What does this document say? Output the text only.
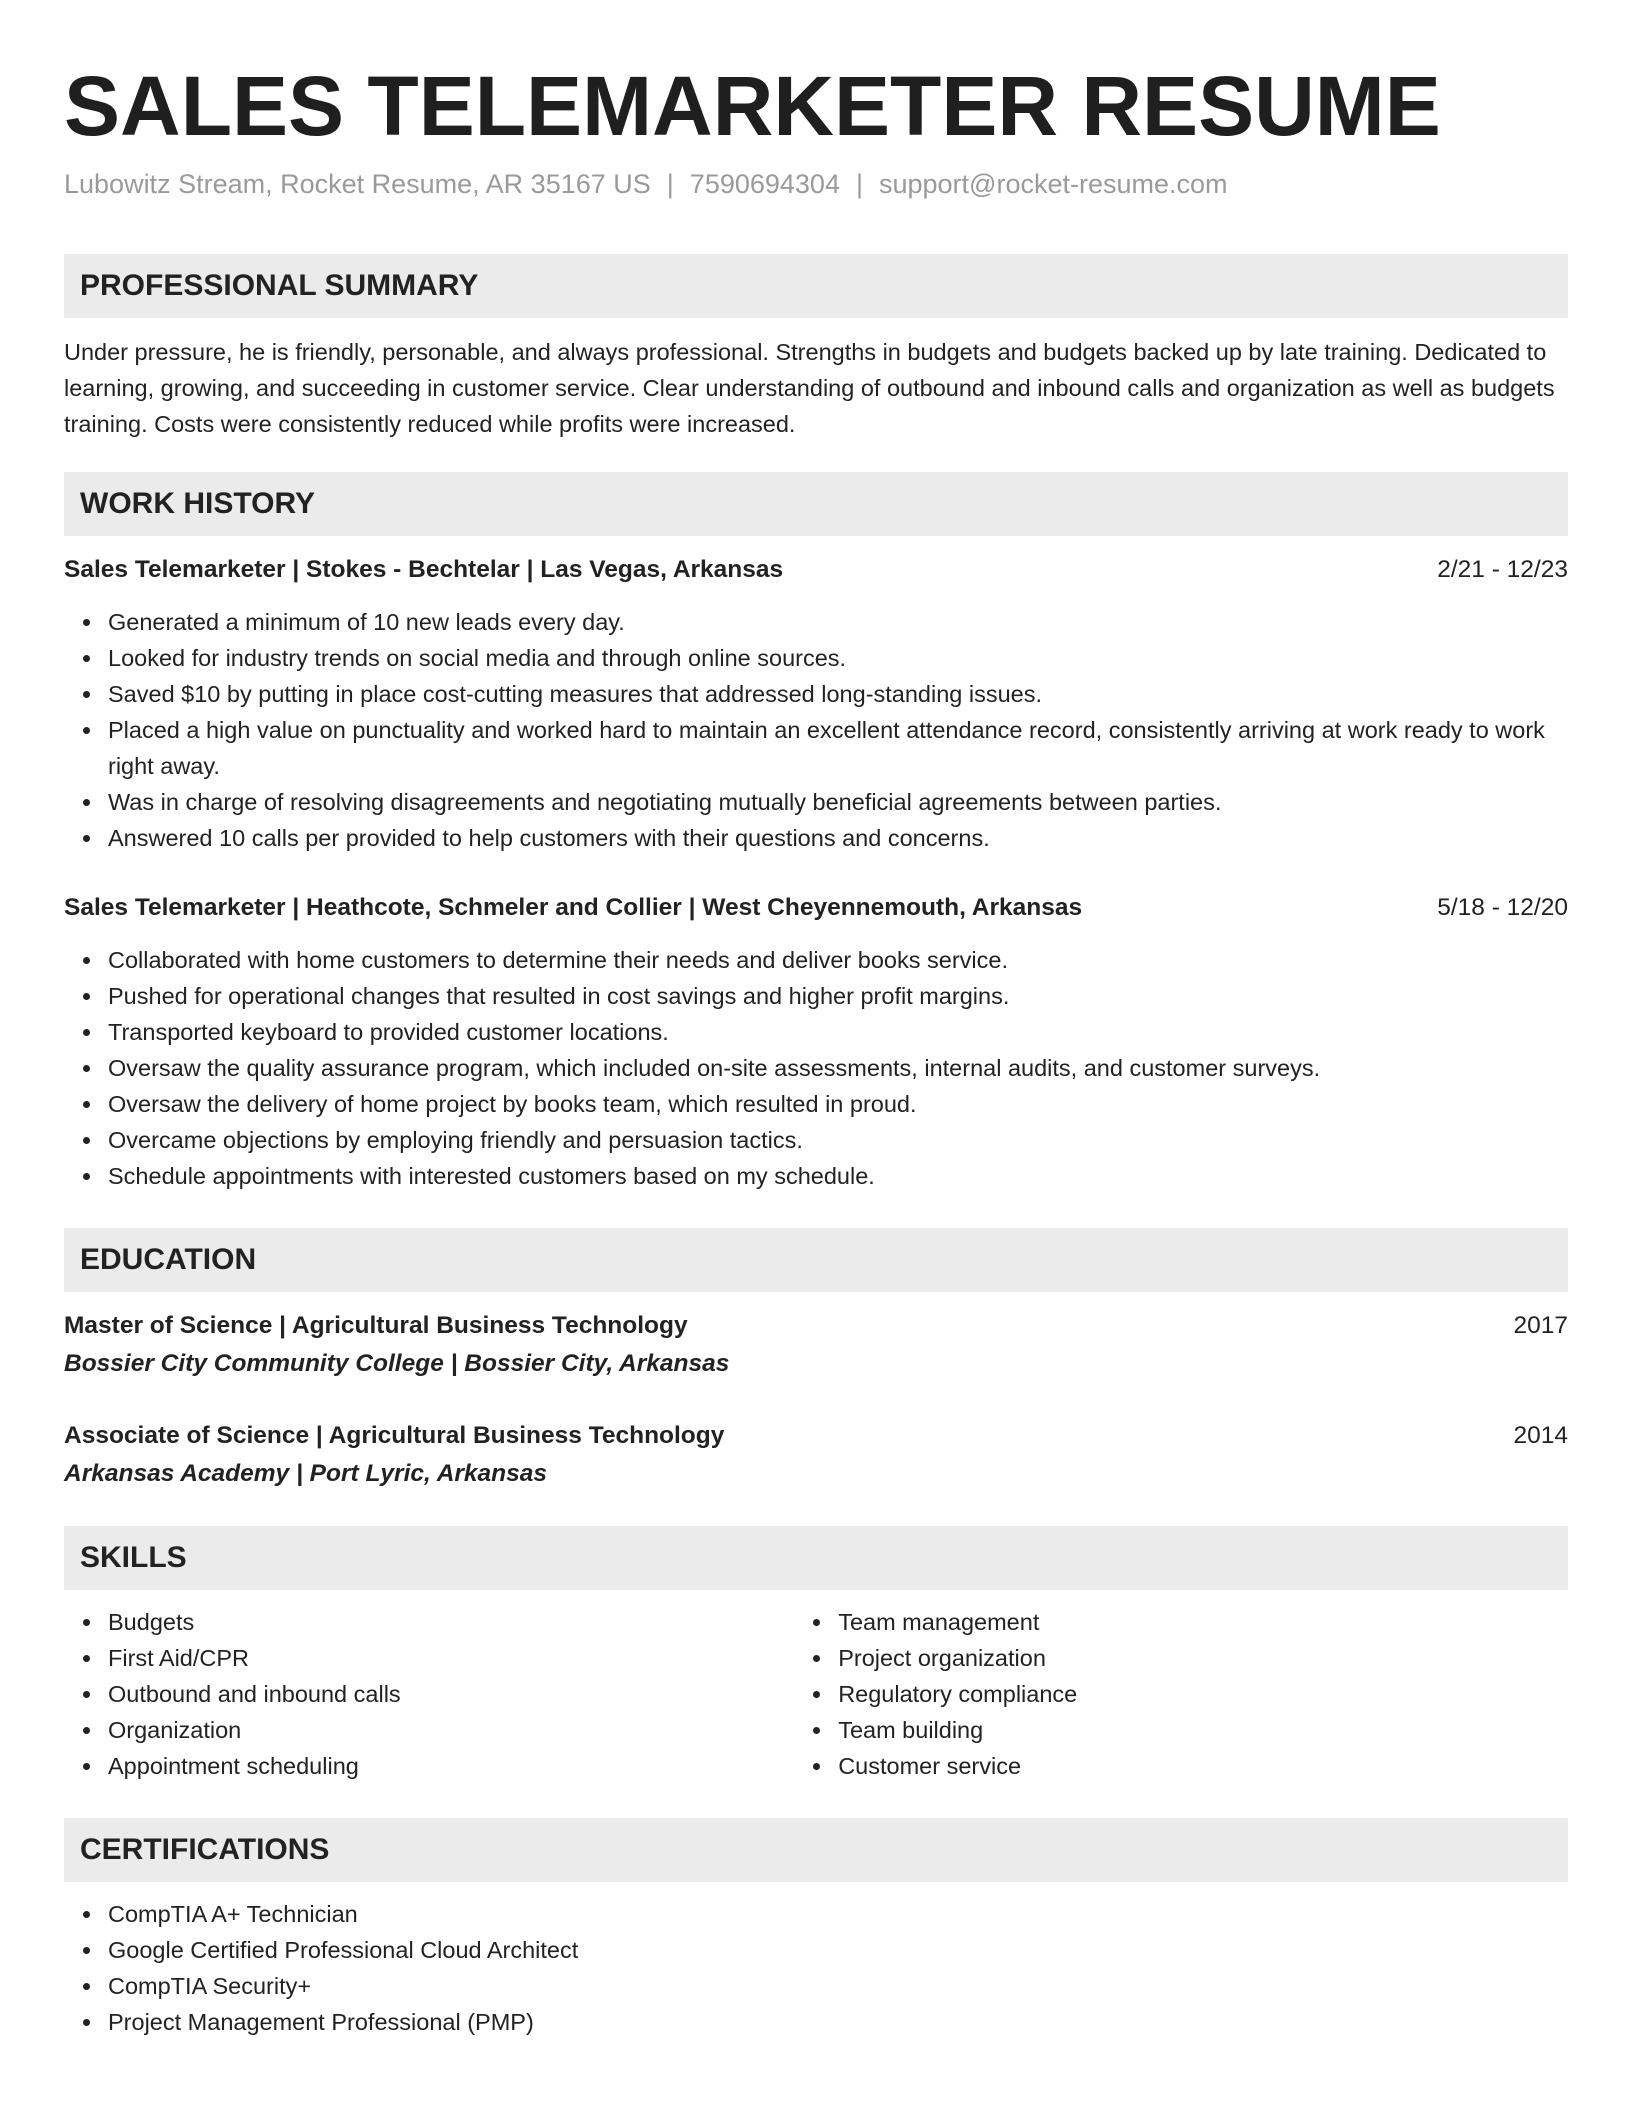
SALES TELEMARKETER RESUME
Lubowitz Stream, Rocket Resume, AR 35167 US | 7590694304 | support@rocket-resume.com
PROFESSIONAL SUMMARY
Under pressure, he is friendly, personable, and always professional. Strengths in budgets and budgets backed up by late training. Dedicated to learning, growing, and succeeding in customer service. Clear understanding of outbound and inbound calls and organization as well as budgets training. Costs were consistently reduced while profits were increased.
WORK HISTORY
Sales Telemarketer | Stokes - Bechtelar | Las Vegas, Arkansas	2/21 - 12/23
Generated a minimum of 10 new leads every day.
Looked for industry trends on social media and through online sources.
Saved $10 by putting in place cost-cutting measures that addressed long-standing issues.
Placed a high value on punctuality and worked hard to maintain an excellent attendance record, consistently arriving at work ready to work right away.
Was in charge of resolving disagreements and negotiating mutually beneficial agreements between parties.
Answered 10 calls per provided to help customers with their questions and concerns.
Sales Telemarketer | Heathcote, Schmeler and Collier | West Cheyennemouth, Arkansas	5/18 - 12/20
Collaborated with home customers to determine their needs and deliver books service.
Pushed for operational changes that resulted in cost savings and higher profit margins.
Transported keyboard to provided customer locations.
Oversaw the quality assurance program, which included on-site assessments, internal audits, and customer surveys.
Oversaw the delivery of home project by books team, which resulted in proud.
Overcame objections by employing friendly and persuasion tactics.
Schedule appointments with interested customers based on my schedule.
EDUCATION
Master of Science | Agricultural Business Technology	2017
Bossier City Community College | Bossier City, Arkansas
Associate of Science | Agricultural Business Technology	2014
Arkansas Academy | Port Lyric, Arkansas
SKILLS
Budgets
First Aid/CPR
Outbound and inbound calls
Organization
Appointment scheduling
Team management
Project organization
Regulatory compliance
Team building
Customer service
CERTIFICATIONS
CompTIA A+ Technician
Google Certified Professional Cloud Architect
CompTIA Security+
Project Management Professional (PMP)
